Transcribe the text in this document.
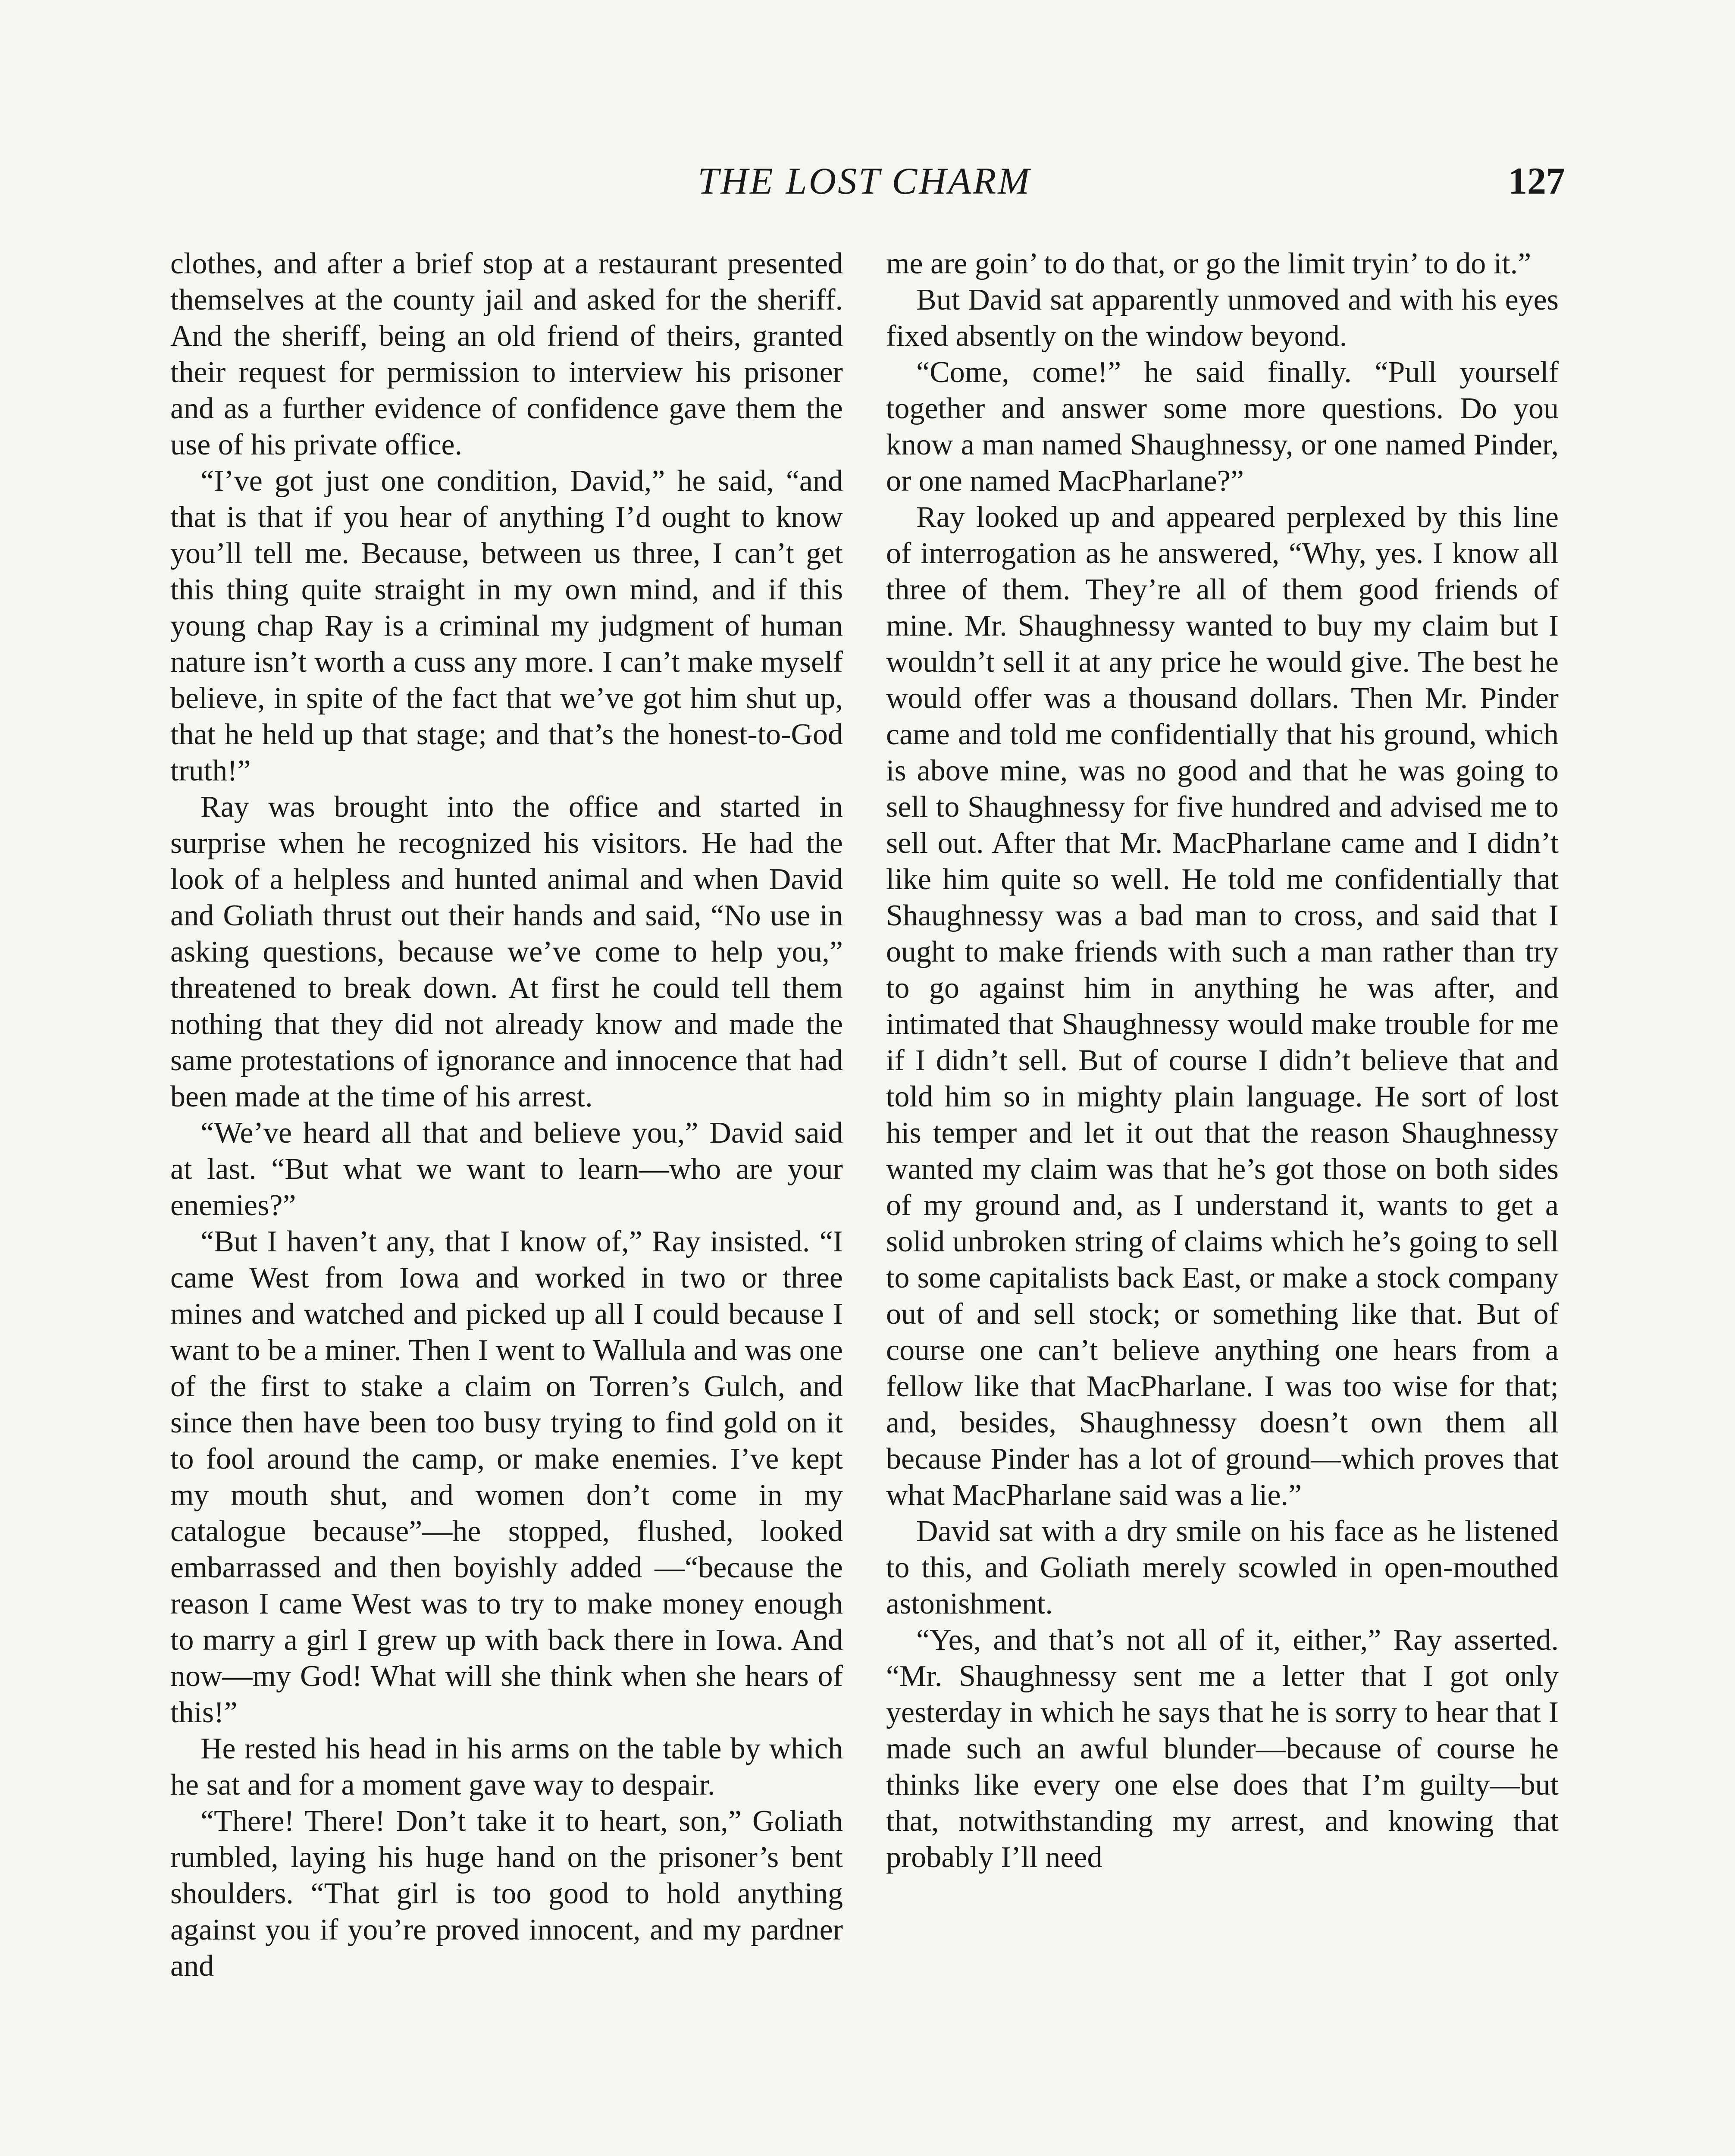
THE LOST CHARM	127

clothes, and after a brief stop at a restaurant presented themselves at the county jail and asked for the sheriff. And the sheriff, being an old friend of theirs, granted their request for permission to interview his prisoner and as a further evidence of confidence gave them the use of his private office.

“I’ve got just one condition, David,” he said, “and that is that if you hear of anything I’d ought to know you’ll tell me. Because, between us three, I can’t get this thing quite straight in my own mind, and if this young chap Ray is a criminal my judgment of human nature isn’t worth a cuss any more. I can’t make myself believe, in spite of the fact that we’ve got him shut up, that he held up that stage; and that’s the honest-to-God truth!”

Ray was brought into the office and started in surprise when he recognized his visitors. He had the look of a helpless and hunted animal and when David and Goliath thrust out their hands and said, “No use in asking questions, because we’ve come to help you,” threatened to break down. At first he could tell them nothing that they did not already know and made the same protestations of ignorance and innocence that had been made at the time of his arrest.

“We’ve heard all that and believe you,” David said at last. “But what we want to learn—who are your enemies?”

“But I haven’t any, that I know of,” Ray insisted. “I came West from Iowa and worked in two or three mines and watched and picked up all I could because I want to be a miner. Then I went to Wallula and was one of the first to stake a claim on Torren’s Gulch, and since then have been too busy trying to find gold on it to fool around the camp, or make enemies. I’ve kept my mouth shut, and women don’t come in my catalogue because”—he stopped, flushed, looked embarrassed and then boyishly added —“because the reason I came West was to try to make money enough to marry a girl I grew up with back there in Iowa. And now—my God! What will she think when she hears of this!”

He rested his head in his arms on the table by which he sat and for a moment gave way to despair.

“There! There! Don’t take it to heart, son,” Goliath rumbled, laying his huge hand on the prisoner’s bent shoulders. “That girl is too good to hold anything against you if you’re proved innocent, and my pardner and

me are goin’ to do that, or go the limit tryin’ to do it.”

But David sat apparently unmoved and with his eyes fixed absently on the window beyond.

“Come, come!” he said finally. “Pull yourself together and answer some more questions. Do you know a man named Shaughnessy, or one named Pinder, or one named MacPharlane?”

Ray looked up and appeared perplexed by this line of interrogation as he answered, “Why, yes. I know all three of them. They’re all of them good friends of mine. Mr. Shaughnessy wanted to buy my claim but I wouldn’t sell it at any price he would give. The best he would offer was a thousand dollars. Then Mr. Pinder came and told me confidentially that his ground, which is above mine, was no good and that he was going to sell to Shaughnessy for five hundred and advised me to sell out. After that Mr. MacPharlane came and I didn’t like him quite so well. He told me confidentially that Shaughnessy was a bad man to cross, and said that I ought to make friends with such a man rather than try to go against him in anything he was after, and intimated that Shaughnessy would make trouble for me if I didn’t sell. But of course I didn’t believe that and told him so in mighty plain language. He sort of lost his temper and let it out that the reason Shaughnessy wanted my claim was that he’s got those on both sides of my ground and, as I understand it, wants to get a solid unbroken string of claims which he’s going to sell to some capitalists back East, or make a stock company out of and sell stock; or something like that. But of course one can’t believe anything one hears from a fellow like that MacPharlane. I was too wise for that; and, besides, Shaughnessy doesn’t own them all because Pinder has a lot of ground—which proves that what MacPharlane said was a lie.”

David sat with a dry smile on his face as he listened to this, and Goliath merely scowled in open-mouthed astonishment.

“Yes, and that’s not all of it, either,” Ray asserted. “Mr. Shaughnessy sent me a letter that I got only yesterday in which he says that he is sorry to hear that I made such an awful blunder—because of course he thinks like every one else does that I’m guilty—but that, notwithstanding my arrest, and knowing that probably I’ll need
